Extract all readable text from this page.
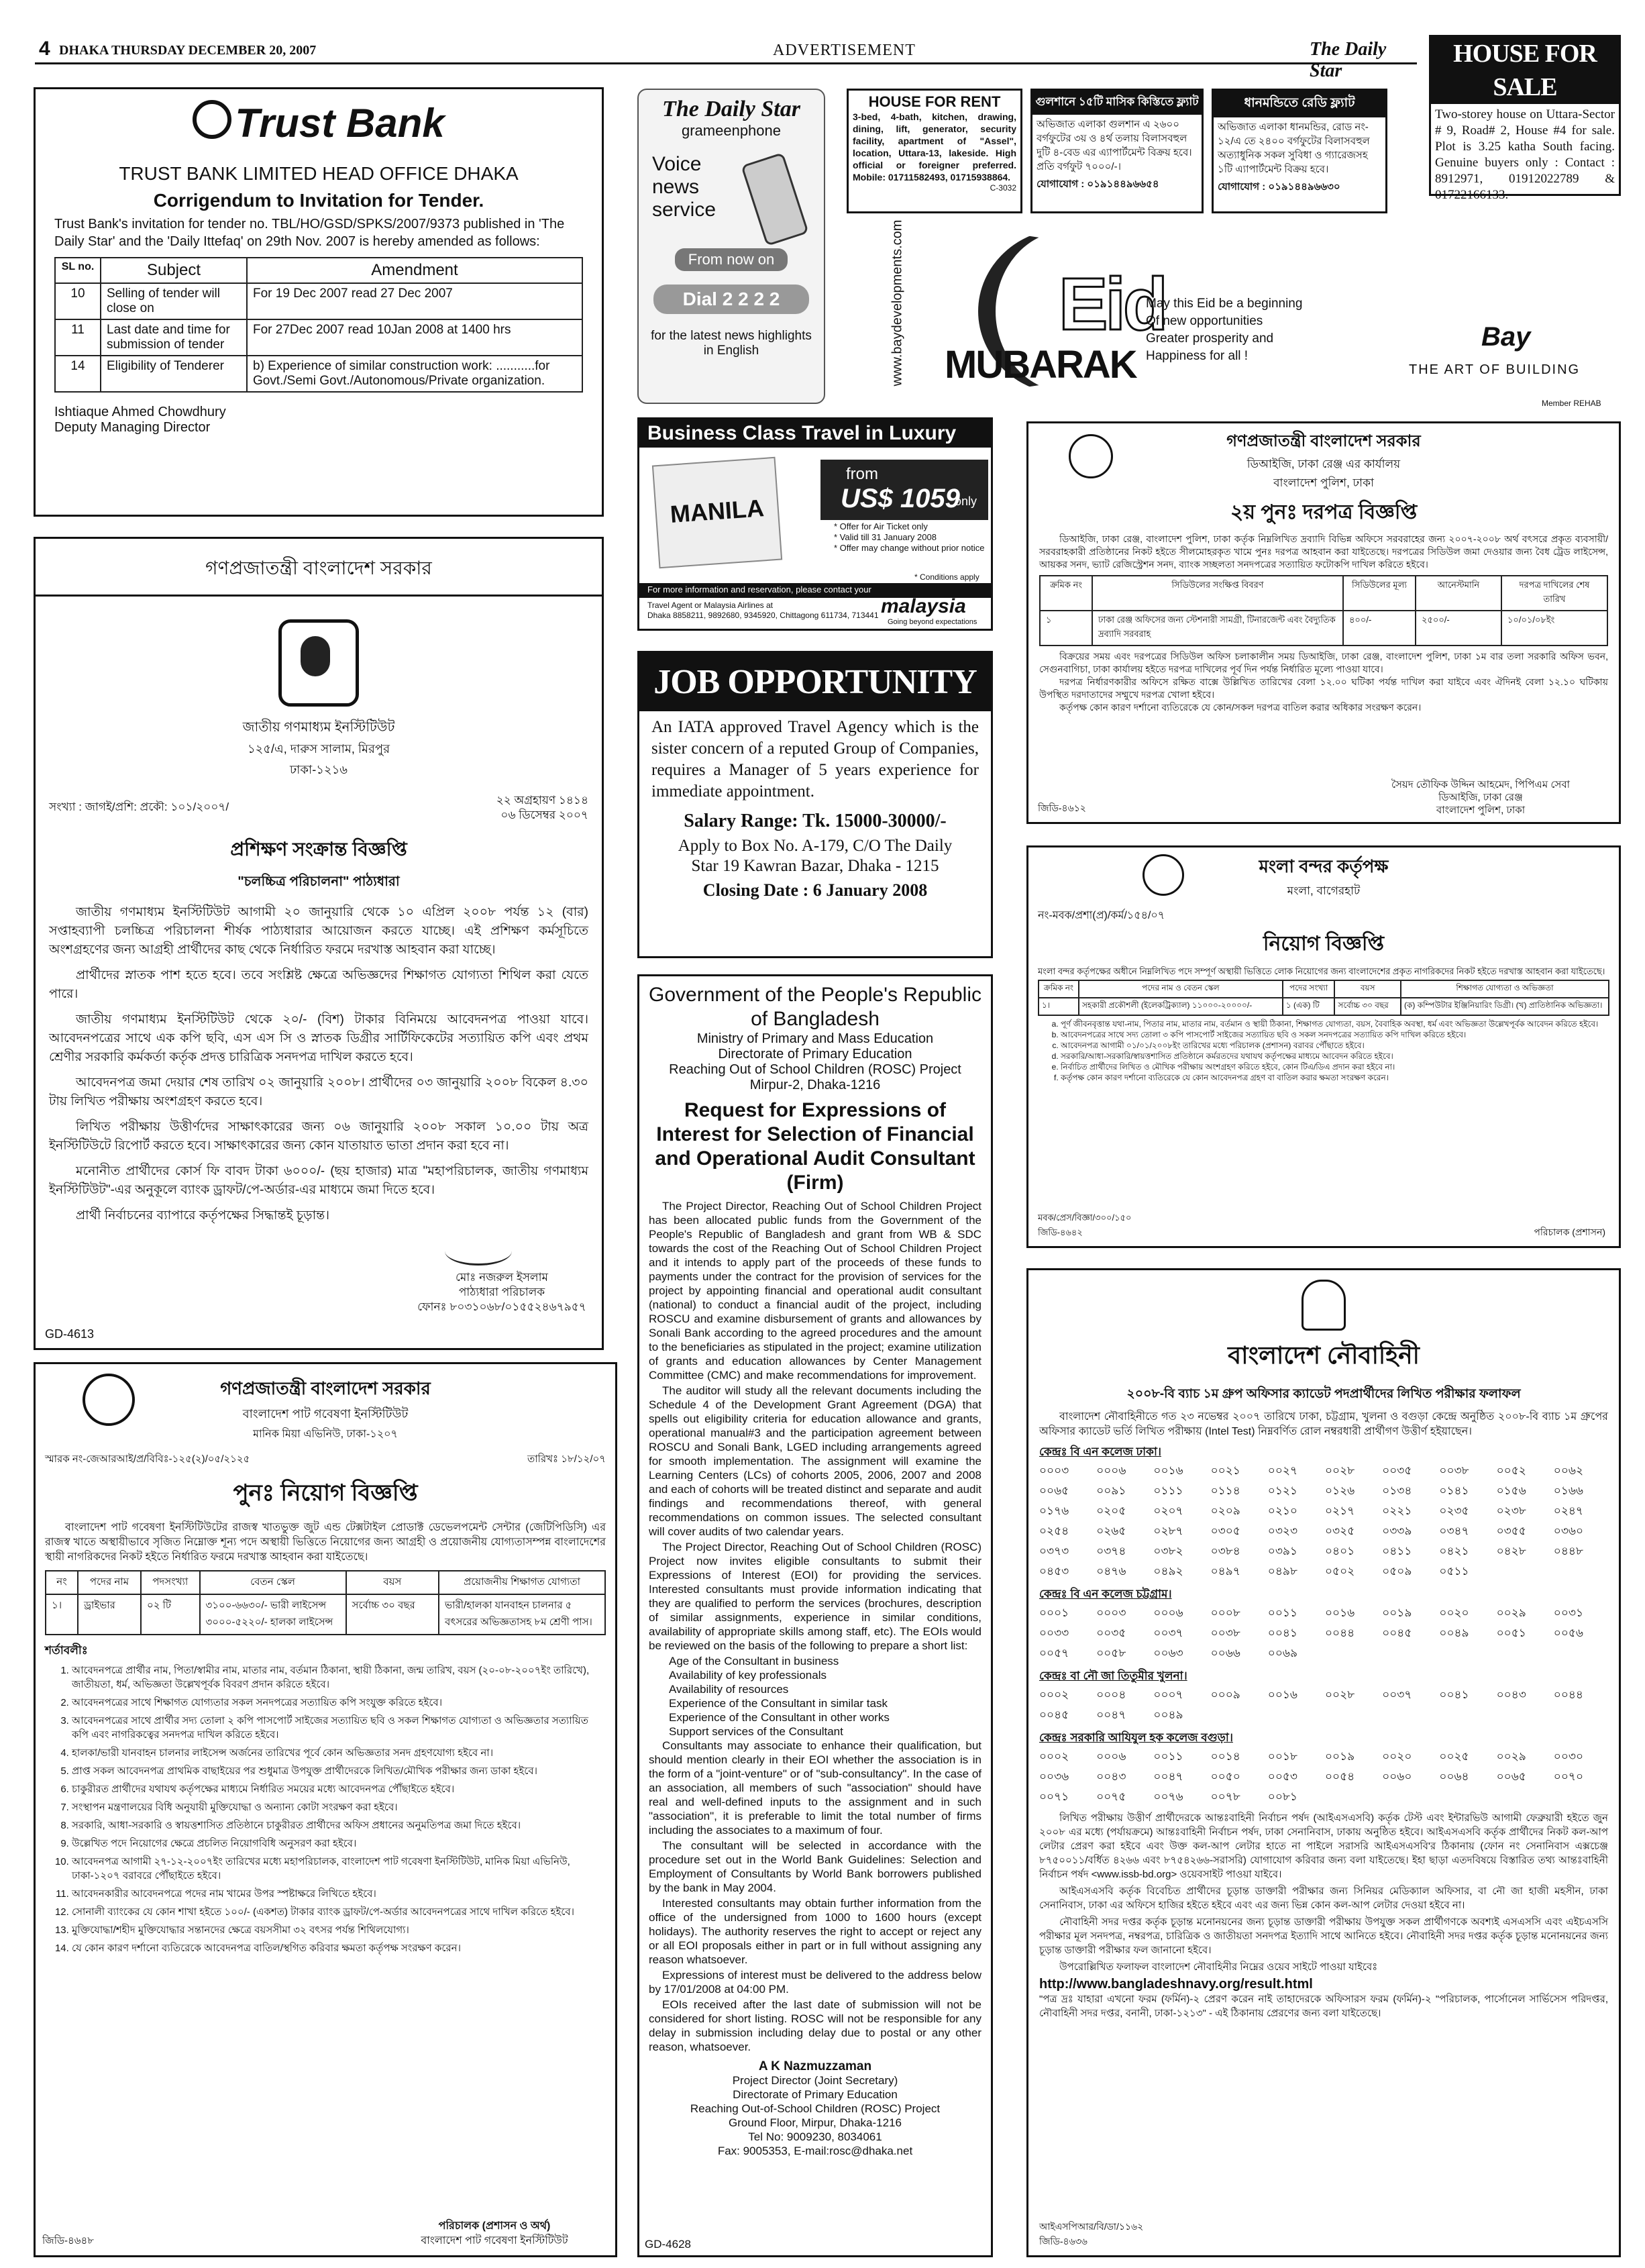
4 DHAKA THURSDAY DECEMBER 20, 2007	ADVERTISEMENT	The Daily Star
HOUSE FOR SALE
Two-storey house on Uttara-Sector # 9, Road# 2, House #4 for sale. Plot is 3.25 katha South facing. Genuine buyers only : Contact : 8912971, 01912022789 & 01722166133.
Trust Bank
TRUST BANK LIMITED HEAD OFFICE DHAKA
Corrigendum to Invitation for Tender.
Trust Bank's invitation for tender no. TBL/HO/GSD/SPKS/2007/9373 published in 'The Daily Star' and the 'Daily Ittefaq' on 29th Nov. 2007 is hereby amended as follows:
SL no.	Subject	Amendment
10	Selling of tender will close on	For 19 Dec 2007 read 27 Dec 2007
11	Last date and time for submission of tender	For 27Dec 2007 read 10Jan 2008 at 1400 hrs
14	Eligibility of Tenderer	b) Experience of similar construction work: ...........for Govt./Semi Govt./Autonomous/Private organization.
Ishtiaque Ahmed Chowdhury
Deputy Managing Director
The Daily Star
grameenphone
Voice
news
service
From now on
Dial 2 2 2 2
for the latest news highlights in English
HOUSE FOR RENT
3-bed, 4-bath, kitchen, drawing, dining, lift, generator, security facility, apartment of "Assel", location, Uttara-13, lakeside. High official or foreigner preferred. Mobile: 01711582493, 01715938864.
C-3032
গুলশানে ১৫টি মাসিক কিস্তিতে ফ্ল্যাট
অভিজাত এলাকা গুলশান এ ২৬০০ বর্গফুটের ৩য় ও ৪র্থ তলায় বিলাসবহুল দুটি ৪-বেড এর এ্যাপার্টমেন্ট বিক্রয় হবে। প্রতি বর্গফুট ৭০০০/-।
যোগাযোগ : ০১৯১৪৪৯৬৬৫৪
ধানমন্ডিতে রেডি ফ্ল্যাট
অভিজাত এলাকা ধানমন্ডির, রোড নং- ১২/এ তে ২৪০০ বর্গফুটের বিলাসবহুল অত্যাধুনিক সকল সুবিধা ও গ্যারেজসহ ১টি এ্যাপার্টমেন্ট বিক্রয় হবে।
যোগাযোগ : ০১৯১৪৪৯৬৬৩০
www.baydevelopments.com Eid
MUBARAK
May this Eid be a beginning
Of new opportunities
Greater prosperity and
Happiness for all !
Bay
THE ART OF BUILDING
Member REHAB
Business Class Travel in Luxury
MANILA
from
US$ 1059
only
* Offer for Air Ticket only
* Valid till 31 January 2008
* Offer may change without prior notice
* Conditions apply
For more information and reservation, please contact your
Travel Agent or Malaysia Airlines at
Dhaka 8858211, 9892680, 9345920, Chittagong 611734, 713441 malaysia
Going beyond expectations
JOB OPPORTUNITY
An IATA approved Travel Agency which is the sister concern of a reputed Group of Companies, requires a Manager of 5 years experience for immediate appointment.
Salary Range: Tk. 15000-30000/-
Apply to Box No. A-179, C/O The Daily Star 19 Kawran Bazar, Dhaka - 1215
Closing Date : 6 January 2008
Government of the People's Republic of Bangladesh
Ministry of Primary and Mass Education
Directorate of Primary Education
Reaching Out of School Children (ROSC) Project
Mirpur-2, Dhaka-1216
Request for Expressions of Interest for Selection of Financial and Operational Audit Consultant (Firm)

The Project Director, Reaching Out of School Children Project has been allocated public funds from the Government of the People's Republic of Bangladesh and grant from WB & SDC towards the cost of the Reaching Out of School Children Project and it intends to apply part of the proceeds of these funds to payments under the contract for the provision of services for the project by appointing financial and operational audit consultant (national) to conduct a financial audit of the project, including ROSCU and examine disbursement of grants and allowances by Sonali Bank according to the agreed procedures and the amount to the beneficiaries as stipulated in the project; examine utilization of grants and education allowances by Center Management Committee (CMC) and make recommendations for improvement.

The auditor will study all the relevant documents including the Schedule 4 of the Development Grant Agreement (DGA) that spells out eligibility criteria for education allowance and grants, operational manual#3 and the participation agreement between ROSCU and Sonali Bank, LGED including arrangements agreed for smooth implementation. The assignment will examine the Learning Centers (LCs) of cohorts 2005, 2006, 2007 and 2008 and each of cohorts will be treated distinct and separate and audit findings and recommendations thereof, with general recommendations on common issues. The selected consultant will cover audits of two calendar years.

The Project Director, Reaching Out of School Children (ROSC) Project now invites eligible consultants to submit their Expressions of Interest (EOI) for providing the services. Interested consultants must provide information indicating that they are qualified to perform the services (brochures, description of similar assignments, experience in similar conditions, availability of appropriate skills among staff, etc). The EOIs would be reviewed on the basis of the following to prepare a short list:

Age of the Consultant in business
Availability of key professionals
Availability of resources
Experience of the Consultant in similar task
Experience of the Consultant in other works
Support services of the Consultant

Consultants may associate to enhance their qualification, but should mention clearly in their EOI whether the association is in the form of a "joint-venture" or of "sub-consultancy". In the case of an association, all members of such "association" should have real and well-defined inputs to the assignment and in such "association", it is preferable to limit the total number of firms including the associates to a maximum of four.

The consultant will be selected in accordance with the procedure set out in the World Bank Guidelines: Selection and Employment of Consultants by World Bank borrowers published by the bank in May 2004.

Interested consultants may obtain further information from the office of the undersigned from 1000 to 1600 hours (except holidays). The authority reserves the right to accept or reject any or all EOI proposals either in part or in full without assigning any reason whatsoever.

Expressions of interest must be delivered to the address below by 17/01/2008 at 04:00 PM.

EOIs received after the last date of submission will not be considered for short listing. ROSC will not be responsible for any delay in submission including delay due to postal or any other reason, whatsoever.

A K Nazmuzzaman
Project Director (Joint Secretary)
Directorate of Primary Education
Reaching Out-of-School Children (ROSC) Project
Ground Floor, Mirpur, Dhaka-1216
Tel No: 9009230, 8034061
Fax: 9005353, E-mail:rosc@dhaka.net
GD-4628
গণপ্রজাতন্ত্রী বাংলাদেশ সরকার
জাতীয় গণমাধ্যম ইনস্টিটিউট
১২৫/এ, দারুস সালাম, মিরপুর
ঢাকা-১২১৬
সংখ্যা : জাগই/প্রশি: প্রকৌ: ১০১/২০০৭/
২২ অগ্রহায়ণ ১৪১৪
০৬ ডিসেম্বর ২০০৭
প্রশিক্ষণ সংক্রান্ত বিজ্ঞপ্তি
"চলচ্চিত্র পরিচালনা" পাঠ্যধারা

জাতীয় গণমাধ্যম ইনস্টিটিউট আগামী ২০ জানুয়ারি থেকে ১০ এপ্রিল ২০০৮ পর্যন্ত ১২ (বার) সপ্তাহব্যাপী চলচ্চিত্র পরিচালনা শীর্ষক পাঠ্যধারার আয়োজন করতে যাচ্ছে। এই প্রশিক্ষণ কর্মসূচিতে অংশগ্রহণের জন্য আগ্রহী প্রার্থীদের কাছ থেকে নির্ধারিত ফরমে দরখাস্ত আহবান করা যাচ্ছে।

প্রার্থীদের স্নাতক পাশ হতে হবে। তবে সংশ্লিষ্ট ক্ষেত্রে অভিজ্ঞদের শিক্ষাগত যোগ্যতা শিথিল করা যেতে পারে।

জাতীয় গণমাধ্যম ইনস্টিটিউট থেকে ২০/- (বিশ) টাকার বিনিময়ে আবেদনপত্র পাওয়া যাবে। আবেদনপত্রের সাথে এক কপি ছবি, এস এস সি ও স্নাতক ডিগ্রীর সার্টিফিকেটের সত্যায়িত কপি এবং প্রথম শ্রেণীর সরকারি কর্মকর্তা কর্তৃক প্রদত্ত চারিত্রিক সনদপত্র দাখিল করতে হবে।

আবেদনপত্র জমা দেয়ার শেষ তারিখ ০২ জানুয়ারি ২০০৮। প্রার্থীদের ০৩ জানুয়ারি ২০০৮ বিকেল ৪.৩০ টায় লিখিত পরীক্ষায় অংশগ্রহণ করতে হবে।

লিখিত পরীক্ষায় উত্তীর্ণদের সাক্ষাৎকারের জন্য ০৬ জানুয়ারি ২০০৮ সকাল ১০.০০ টায় অত্র ইনস্টিটিউটে রিপোর্ট করতে হবে। সাক্ষাৎকারের জন্য কোন যাতায়াত ভাতা প্রদান করা হবে না।

মনোনীত প্রার্থীদের কোর্স ফি বাবদ টাকা ৬০০০/- (ছয় হাজার) মাত্র "মহাপরিচালক, জাতীয় গণমাধ্যম ইনস্টিটিউট"-এর অনুকূলে ব্যাংক ড্রাফট/পে-অর্ডার-এর মাধ্যমে জমা দিতে হবে।

প্রার্থী নির্বাচনের ব্যাপারে কর্তৃপক্ষের সিদ্ধান্তই চূড়ান্ত।

মোঃ নজরুল ইসলাম
পাঠ্যধারা পরিচালক
ফোনঃ ৮০৩১০৬৮/০১৫৫২৪৬৭৯৫৭
GD-4613
গণপ্রজাতন্ত্রী বাংলাদেশ সরকার
বাংলাদেশ পাট গবেষণা ইনস্টিটিউট
মানিক মিয়া এভিনিউ, ঢাকা-১২০৭
স্মারক নং-জেআরআই/প্র/বিবিঃ-১২৫(২)/০৫/২১২৫	তারিখঃ ১৮/১২/০৭
পুনঃ নিয়োগ বিজ্ঞপ্তি
বাংলাদেশ পাট গবেষণা ইনস্টিটিউটের রাজস্ব খাতভুক্ত জুট এন্ড টেক্সটাইল প্রোডাক্ট ডেভেলপমেন্ট সেন্টার (জেটিপিডিসি) এর রাজস্ব খাতে অস্থায়ীভাবে সৃজিত নিম্নোক্ত শূন্য পদে অস্থায়ী ভিত্তিতে নিয়োগের জন্য আগ্রহী ও প্রয়োজনীয় যোগ্যতাসম্পন্ন বাংলাদেশের স্থায়ী নাগরিকদের নিকট হইতে নির্ধারিত ফরমে দরখাস্ত আহবান করা যাইতেছে।
নং	পদের নাম	পদসংখ্যা	বেতন স্কেল	বয়স	প্রয়োজনীয় শিক্ষাগত যোগ্যতা
১।	ড্রাইভার	০২ টি	৩১০০-৬৬৩০/- ভারী লাইসেন্স ৩০০০-৫২২০/- হালকা লাইসেন্স	সর্বোচ্চ ৩০ বছর	ভারী/হালকা যানবাহন চালনার ৫ বৎসরের অভিজ্ঞতাসহ ৮ম শ্রেণী পাস।
শর্তাবলীঃ
1. আবেদনপত্রে প্রার্থীর নাম, পিতা/স্বামীর নাম, মাতার নাম, বর্তমান ঠিকানা, স্থায়ী ঠিকানা, জন্ম তারিখ, বয়স (২০-০৮-২০০৭ইং তারিখে), জাতীয়তা, ধর্ম, অভিজ্ঞতা উল্লেখপূর্বক বিবরণ প্রদান করিতে হইবে।
2. আবেদনপত্রের সাথে শিক্ষাগত যোগ্যতার সকল সনদপত্রের সত্যায়িত কপি সংযুক্ত করিতে হইবে।
3. আবেদনপত্রের সাথে প্রার্থীর সদ্য তোলা ২ কপি পাসপোর্ট সাইজের সত্যায়িত ছবি ও সকল শিক্ষাগত যোগ্যতা ও অভিজ্ঞতার সত্যায়িত কপি এবং নাগরিকত্বের সনদপত্র দাখিল করিতে হইবে।
4. হালকা/ভারী যানবাহন চালনার লাইসেন্স অর্জনের তারিখের পূর্বে কোন অভিজ্ঞতার সনদ গ্রহণযোগ্য হইবে না।
5. প্রাপ্ত সকল আবেদনপত্র প্রাথমিক বাছাইয়ের পর শুধুমাত্র উপযুক্ত প্রার্থীদেরকে লিখিত/মৌখিক পরীক্ষার জন্য ডাকা হইবে।
6. চাকুরীরত প্রার্থীদের যথাযথ কর্তৃপক্ষের মাধ্যমে নির্ধারিত সময়ের মধ্যে আবেদনপত্র পৌঁছাইতে হইবে।
7. সংস্থাপন মন্ত্রণালয়ের বিধি অনুযায়ী মুক্তিযোদ্ধা ও অন্যান্য কোটা সংরক্ষণ করা হইবে।
8. সরকারি, আধা-সরকারি ও স্বায়ত্তশাসিত প্রতিষ্ঠানে চাকুরীরত প্রার্থীদের অফিস প্রধানের অনুমতিপত্র জমা দিতে হইবে।
9. উল্লেখিত পদে নিয়োগের ক্ষেত্রে প্রচলিত নিয়োগবিধি অনুসরণ করা হইবে।
10. আবেদনপত্র আগামী ২৭-১২-২০০৭ইং তারিখের মধ্যে মহাপরিচালক, বাংলাদেশ পাট গবেষণা ইনস্টিটিউট, মানিক মিয়া এভিনিউ, ঢাকা-১২০৭ বরাবরে পৌঁছাইতে হইবে।
11. আবেদনকারীর আবেদনপত্রে পদের নাম খামের উপর স্পষ্টাক্ষরে লিখিতে হইবে।
12. সোনালী ব্যাংকের যে কোন শাখা হইতে ১০০/- (একশত) টাকার ব্যাংক ড্রাফট/পে-অর্ডার আবেদনপত্রের সাথে দাখিল করিতে হইবে।
13. মুক্তিযোদ্ধা/শহীদ মুক্তিযোদ্ধার সন্তানদের ক্ষেত্রে বয়সসীমা ৩২ বৎসর পর্যন্ত শিথিলযোগ্য।
14. যে কোন কারণ দর্শানো ব্যতিরেকে আবেদনপত্র বাতিল/স্থগিত করিবার ক্ষমতা কর্তৃপক্ষ সংরক্ষণ করেন।
পরিচালক (প্রশাসন ও অর্থ)
বাংলাদেশ পাট গবেষণা ইনস্টিটিউট
জিডি-৪৬৪৮
গণপ্রজাতন্ত্রী বাংলাদেশ সরকার
ডিআইজি, ঢাকা রেঞ্জ এর কার্যালয়
বাংলাদেশ পুলিশ, ঢাকা
২য় পুনঃ দরপত্র বিজ্ঞপ্তি
ডিআইজি, ঢাকা রেঞ্জ, বাংলাদেশ পুলিশ, ঢাকা কর্তৃক নিম্নলিখিত দ্রব্যাদি বিভিন্ন অফিসে সরবরাহের জন্য ২০০৭-২০০৮ অর্থ বৎসরে প্রকৃত ব্যবসায়ী/সরবরাহকারী প্রতিষ্ঠানের নিকট হইতে সীলমোহরকৃত খামে পুনঃ দরপত্র আহবান করা যাইতেছে। দরপত্রের সিডিউল জমা দেওয়ার জন্য বৈধ ট্রেড লাইসেন্স, আয়কর সনদ, ভ্যাট রেজিস্ট্রেশন সনদ, ব্যাংক সচ্ছলতা সনদপত্রের সত্যায়িত ফটোকপি দাখিল করিতে হইবে।
ক্রমিক নং	সিডিউলের সংক্ষিপ্ত বিবরণ	সিডিউলের মূল্য	আনেস্টমানি	দরপত্র দাখিলের শেষ তারিখ
১	ঢাকা রেঞ্জ অফিসের জন্য স্টেশনারী সামগ্রী, টিনারজেন্ট এবং বৈদ্যুতিক দ্রব্যাদি সরবরাহ	৪০০/-	২৫০০/-	১০/০১/০৮ইং
বিক্রয়ের সময় এবং দরপত্রের সিডিউল অফিস চলাকালীন সময় ডিআইজি, ঢাকা রেঞ্জ, বাংলাদেশ পুলিশ, ঢাকা ১ম বার তলা সরকারি অফিস ভবন, সেগুনবাগিচা, ঢাকা কার্যালয় হইতে দরপত্র দাখিলের পূর্ব দিন পর্যন্ত নির্ধারিত মূল্যে পাওয়া যাবে।
দরপত্র নির্ধারণকারীর অফিসে রক্ষিত বাক্সে উল্লিখিত তারিখের বেলা ১২.০০ ঘটিকা পর্যন্ত দাখিল করা যাইবে এবং ঐদিনই বেলা ১২.১০ ঘটিকায় উপস্থিত দরদাতাদের সম্মুখে দরপত্র খোলা হইবে।
কর্তৃপক্ষ কোন কারণ দর্শানো ব্যতিরেকে যে কোন/সকল দরপত্র বাতিল করার অধিকার সংরক্ষণ করেন।
সৈয়দ তৌফিক উদ্দিন আহমেদ, পিপিএম সেবা
ডিআইজি, ঢাকা রেঞ্জ
বাংলাদেশ পুলিশ, ঢাকা
জিডি-৪৬১২
মংলা বন্দর কর্তৃপক্ষ
মংলা, বাগেরহাট
নং-মবক/প্রশা(প্র)/কর্ম/১৫৪/০৭
নিয়োগ বিজ্ঞপ্তি
মংলা বন্দর কর্তৃপক্ষের অধীনে নিম্নলিখিত পদে সম্পূর্ণ অস্থায়ী ভিত্তিতে লোক নিয়োগের জন্য বাংলাদেশের প্রকৃত নাগরিকদের নিকট হইতে দরখাস্ত আহবান করা যাইতেছে।
ক্রমিক নং	পদের নাম ও বেতন স্কেল	পদের সংখ্যা	বয়স	শিক্ষাগত যোগ্যতা ও অভিজ্ঞতা
১।	সহকারী প্রকৌশলী (ইলেকট্রিক্যাল) ১১০০০-২০০০০/-	১ (এক) টি	সর্বোচ্চ ৩০ বছর	(ক) কম্পিউটার ইঞ্জিনিয়ারিং ডিগ্রী। (খ) প্রাতিষ্ঠানিক অভিজ্ঞতা।
a. পূর্ণ জীবনবৃত্তান্ত যথা-নাম, পিতার নাম, মাতার নাম, বর্তমান ও স্থায়ী ঠিকানা, শিক্ষাগত যোগ্যতা, বয়স, বৈবাহিক অবস্থা, ধর্ম এবং অভিজ্ঞতা উল্লেখপূর্বক আবেদন করিতে হইবে।
b. আবেদনপত্রের সাথে সদ্য তোলা ৩ কপি পাসপোর্ট সাইজের সত্যায়িত ছবি ও সকল সনদপত্রের সত্যায়িত কপি দাখিল করিতে হইবে।
c. আবেদনপত্র আগামী ০১/০১/২০০৮ইং তারিখের মধ্যে পরিচালক (প্রশাসন) বরাবর পৌঁছাতে হইবে।
d. সরকারি/আধা-সরকারি/স্বায়ত্তশাসিত প্রতিষ্ঠানে কর্মরতদের যথাযথ কর্তৃপক্ষের মাধ্যমে আবেদন করিতে হইবে।
e. নির্বাচিত প্রার্থীদের লিখিত ও মৌখিক পরীক্ষায় অংশগ্রহণ করিতে হইবে, কোন টিএ/ডিএ প্রদান করা হইবে না।
f. কর্তৃপক্ষ কোন কারণ দর্শানো ব্যতিরেকে যে কোন আবেদনপত্র গ্রহণ বা বাতিল করার ক্ষমতা সংরক্ষণ করেন।
মবক/প্রেস/বিজ্ঞা/৩০০/১৫০
জিডি-৪৬৪২	পরিচালক (প্রশাসন)
বাংলাদেশ নৌবাহিনী
২০০৮-বি ব্যাচ ১ম গ্রুপ অফিসার ক্যাডেট পদপ্রার্থীদের লিখিত পরীক্ষার ফলাফল
বাংলাদেশ নৌবাহিনীতে গত ২৩ নভেম্বর ২০০৭ তারিখে ঢাকা, চট্টগ্রাম, খুলনা ও বগুড়া কেন্দ্রে অনুষ্ঠিত ২০০৮-বি ব্যাচ ১ম গ্রুপের অফিসার ক্যাডেট ভর্তি লিখিত পরীক্ষায় (Intel Test) নিম্নবর্ণিত রোল নম্বরধারী প্রার্থীগণ উত্তীর্ণ হইয়াছেন।
কেন্দ্রঃ বি এন কলেজ ঢাকা।
০০০৩	০০০৬	০০১৬	০০২১	০০২৭	০০২৮	০০৩৫	০০৩৮	০০৫২	০০৬২
০০৬৫	০০৯১	০১১১	০১১৪	০১২১	০১২৬	০১৩৪	০১৪১	০১৫৬	০১৬৬
০১৭৬	০২০৫	০২০৭	০২০৯	০২১০	০২১৭	০২২১	০২৩৫	০২৩৮	০২৪৭
০২৫৪	০২৬৫	০২৮৭	০৩০৫	০৩২৩	০৩২৫	০৩৩৯	০৩৪৭	০৩৫৫	০৩৬০
০৩৭৩	০৩৭৪	০৩৮২	০৩৮৪	০৩৯১	০৪০১	০৪১১	০৪২১	০৪২৮	০৪৪৮
০৪৫৩	০৪৭৬	০৪৯২	০৪৯৭	০৪৯৮	০৫০২	০৫০৯	০৫১১
কেন্দ্রঃ বি এন কলেজ চট্টগ্রাম।
০০০১	০০০৩	০০০৬	০০০৮	০০১১	০০১৬	০০১৯	০০২০	০০২৯	০০৩১
০০৩৩	০০৩৫	০০৩৭	০০৩৮	০০৪১	০০৪৪	০০৪৫	০০৪৯	০০৫১	০০৫৬
০০৫৭	০০৫৮	০০৬৩	০০৬৬	০০৬৯
কেন্দ্রঃ বা নৌ জা তিতুমীর খুলনা।
০০০২	০০০৪	০০০৭	০০০৯	০০১৬	০০২৮	০০৩৭	০০৪১	০০৪৩	০০৪৪
০০৪৫	০০৪৭	০০৪৯
কেন্দ্রঃ সরকারি আযিযুল হক কলেজ বগুড়া।
০০০২	০০০৬	০০১১	০০১৪	০০১৮	০০১৯	০০২০	০০২৫	০০২৯	০০৩০
০০৩৬	০০৪৩	০০৪৭	০০৫০	০০৫৩	০০৫৪	০০৬০	০০৬৪	০০৬৫	০০৭০
০০৭১	০০৭৫	০০৭৬	০০৭৮	০০৮১

লিখিত পরীক্ষায় উত্তীর্ণ প্রার্থীদেরকে আন্তঃবাহিনী নির্বাচন পর্ষদ (আইএসএসবি) কর্তৃক টেস্ট এবং ইন্টারভিউ আগামী ফেব্রুয়ারী হইতে জুন ২০০৮ এর মধ্যে (পর্যায়ক্রমে) আন্তঃবাহিনী নির্বাচন পর্ষদ, ঢাকা সেনানিবাস, ঢাকায় অনুষ্ঠিত হইবে। আইএসএসবি কর্তৃক প্রার্থীদের নিকট কল-আপ লেটার প্রেরণ করা হইবে এবং উক্ত কল-আপ লেটার হাতে না পাইলে সরাসরি আইএসএসবি'র ঠিকানায় (ফোন নং সেনানিবাস এক্সচেঞ্জ ৮৭৫০০১১/বর্ধিত ৪২৬৬ এবং ৮৭৫৪২৬৬-সরাসরি) যোগাযোগ করিবার জন্য বলা যাইতেছে। ইহা ছাড়া এতদবিষয়ে বিস্তারিত তথ্য আন্তঃবাহিনী নির্বাচন পর্ষদ <www.issb-bd.org> ওয়েবসাইট পাওয়া যাইবে।

আইএসএসবি কর্তৃক বিবেচিত প্রার্থীদের চূড়ান্ত ডাক্তারী পরীক্ষার জন্য সিনিয়র মেডিক্যাল অফিসার, বা নৌ জা হাজী মহসীন, ঢাকা সেনানিবাস, ঢাকা এর অফিসে হাজির হইতে হইবে এবং এর জন্য ভিন্ন কোন কল-আপ লেটার দেওয়া হইবে না।

নৌবাহিনী সদর দপ্তর কর্তৃক চূড়ান্ত মনোনয়নের জন্য চূড়ান্ত ডাক্তারী পরীক্ষায় উপযুক্ত সকল প্রার্থীগণকে অবশ্যই এসএসসি এবং এইচএসসি পরীক্ষার মূল সনদপত্র, নম্বরপত্র, চারিত্রিক ও জাতীয়তা সনদপত্র ইত্যাদি সাথে আনিতে হইবে। নৌবাহিনী সদর দপ্তর কর্তৃক চূড়ান্ত মনোনয়নের জন্য চূড়ান্ত ডাক্তারী পরীক্ষার ফল জানানো হইবে।

উপরোল্লিখিত ফলাফল বাংলাদেশ নৌবাহিনীর নিম্নের ওয়েব সাইটে পাওয়া যাইবেঃ

http://www.bangladeshnavy.org/result.html
"পত্র দ্রঃ যাহারা এখনো ফরম (ফর্মিন)-২ প্রেরণ করেন নাই তাহাদেরকে অফিসারস ফরম (ফর্মিন)-২ "পরিচালক, পার্সোনেল সার্ভিসেস পরিদপ্তর, নৌবাহিনী সদর দপ্তর, বনানী, ঢাকা-১২১৩" - এই ঠিকানায় প্রেরণের জন্য বলা যাইতেছে।
আইএসপিআর/বি/ডা/১১৬২
জিডি-৪৬৩৬
